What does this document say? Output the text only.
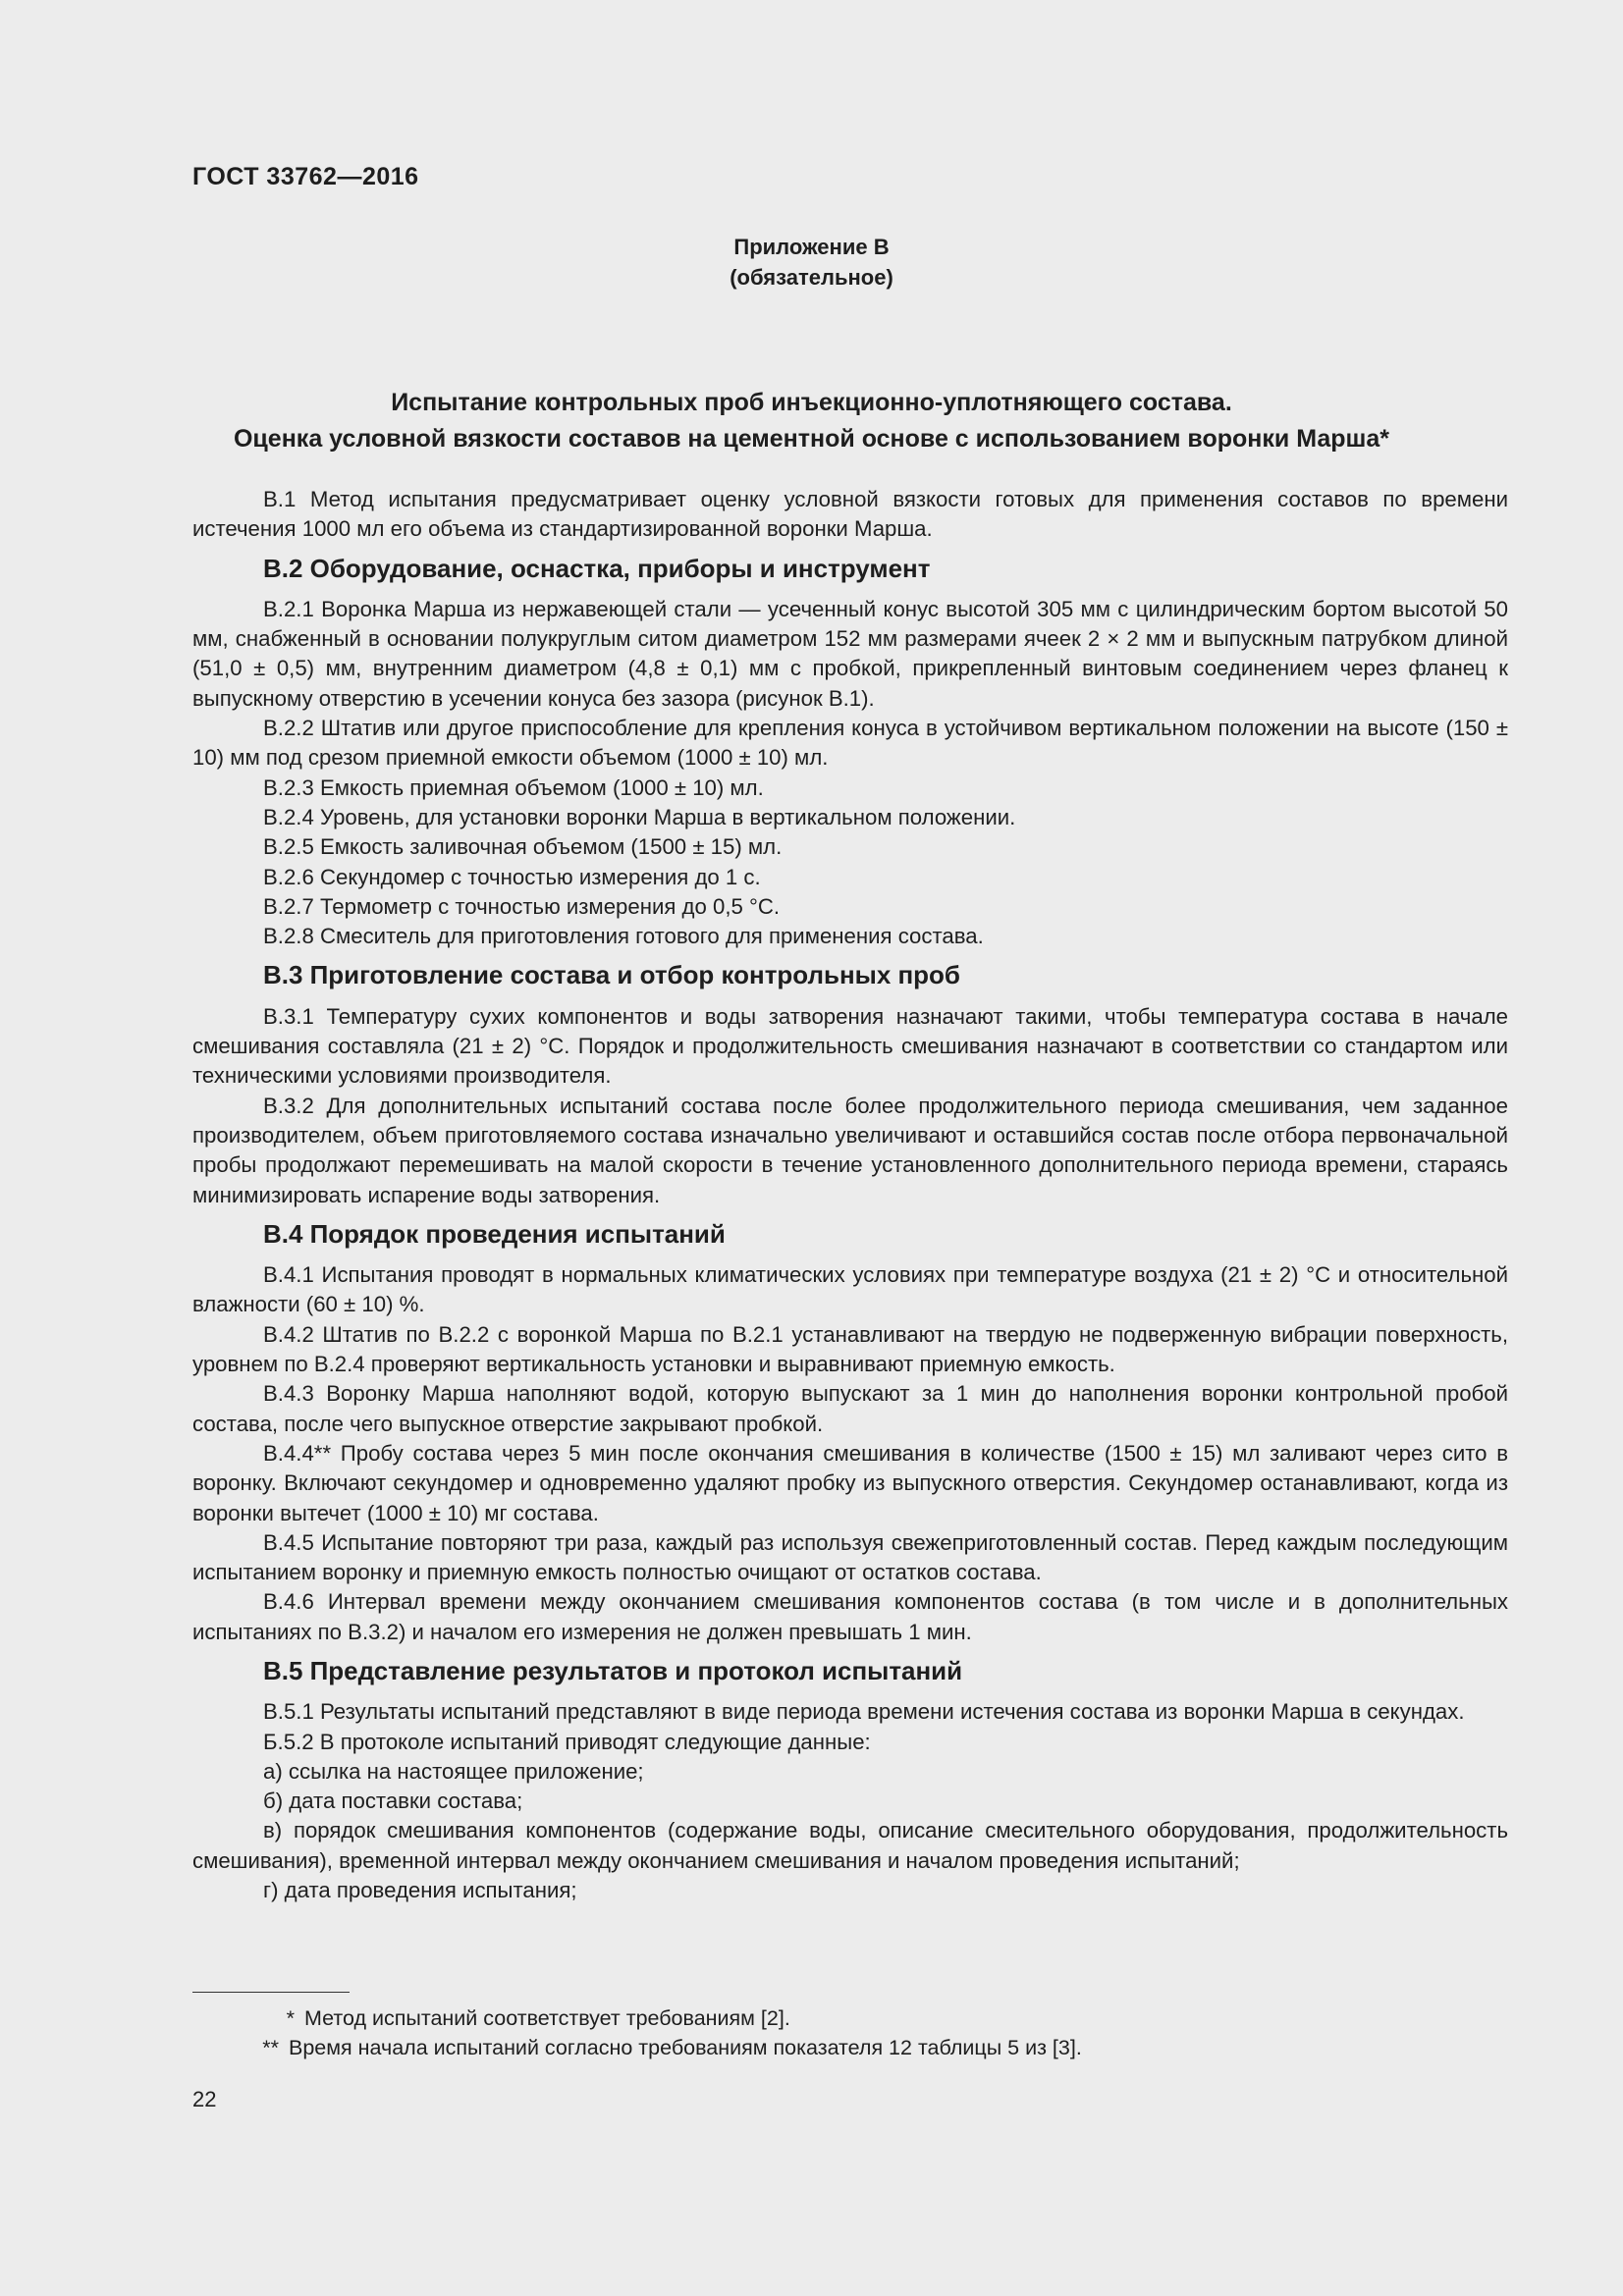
ГОСТ 33762—2016
Приложение В
(обязательное)
Испытание контрольных проб инъекционно-уплотняющего состава.
Оценка условной вязкости составов на цементной основе с использованием воронки Марша*

В.1 Метод испытания предусматривает оценку условной вязкости готовых для применения составов по времени истечения 1000 мл его объема из стандартизированной воронки Марша.

В.2 Оборудование, оснастка, приборы и инструмент

В.2.1 Воронка Марша из нержавеющей стали — усеченный конус высотой 305 мм с цилиндрическим бортом высотой 50 мм, снабженный в основании полукруглым ситом диаметром 152 мм размерами ячеек 2 × 2 мм и выпускным патрубком длиной (51,0 ± 0,5) мм, внутренним диаметром (4,8 ± 0,1) мм с пробкой, прикрепленный винтовым соединением через фланец к выпускному отверстию в усечении конуса без зазора (рисунок В.1).

В.2.2 Штатив или другое приспособление для крепления конуса в устойчивом вертикальном положении на высоте (150 ± 10) мм под срезом приемной емкости объемом (1000 ± 10) мл.

В.2.3 Емкость приемная объемом (1000 ± 10) мл.

В.2.4 Уровень, для установки воронки Марша в вертикальном положении.

В.2.5 Емкость заливочная объемом (1500 ± 15) мл.

В.2.6 Секундомер с точностью измерения до 1 с.

В.2.7 Термометр с точностью измерения до 0,5 °С.

В.2.8 Смеситель для приготовления готового для применения состава.

В.3 Приготовление состава и отбор контрольных проб

В.3.1 Температуру сухих компонентов и воды затворения назначают такими, чтобы температура состава в начале смешивания составляла (21 ± 2) °С. Порядок и продолжительность смешивания назначают в соответствии со стандартом или техническими условиями производителя.

В.3.2 Для дополнительных испытаний состава после более продолжительного периода смешивания, чем заданное производителем, объем приготовляемого состава изначально увеличивают и оставшийся состав после отбора первоначальной пробы продолжают перемешивать на малой скорости в течение установленного дополнительного периода времени, стараясь минимизировать испарение воды затворения.

В.4 Порядок проведения испытаний

В.4.1 Испытания проводят в нормальных климатических условиях при температуре воздуха (21 ± 2) °С и относительной влажности (60 ± 10) %.

В.4.2 Штатив по В.2.2 с воронкой Марша по В.2.1 устанавливают на твердую не подверженную вибрации поверхность, уровнем по В.2.4 проверяют вертикальность установки и выравнивают приемную емкость.

В.4.3 Воронку Марша наполняют водой, которую выпускают за 1 мин до наполнения воронки контрольной пробой состава, после чего выпускное отверстие закрывают пробкой.

В.4.4** Пробу состава через 5 мин после окончания смешивания в количестве (1500 ± 15) мл заливают через сито в воронку. Включают секундомер и одновременно удаляют пробку из выпускного отверстия. Секундомер останавливают, когда из воронки вытечет (1000 ± 10) мг состава.

В.4.5 Испытание повторяют три раза, каждый раз используя свежеприготовленный состав. Перед каждым последующим испытанием воронку и приемную емкость полностью очищают от остатков состава.

В.4.6 Интервал времени между окончанием смешивания компонентов состава (в том числе и в дополнительных испытаниях по В.3.2) и началом его измерения не должен превышать 1 мин.

В.5 Представление результатов и протокол испытаний

В.5.1 Результаты испытаний представляют в виде периода времени истечения состава из воронки Марша в секундах.

Б.5.2 В протоколе испытаний приводят следующие данные:

а) ссылка на настоящее приложение;

б) дата поставки состава;

в) порядок смешивания компонентов (содержание воды, описание смесительного оборудования, продолжительность смешивания), временной интервал между окончанием смешивания и началом проведения испытаний;

г) дата проведения испытания;

* Метод испытаний соответствует требованиям [2].

** Время начала испытаний согласно требованиям показателя 12 таблицы 5 из [3].

22
